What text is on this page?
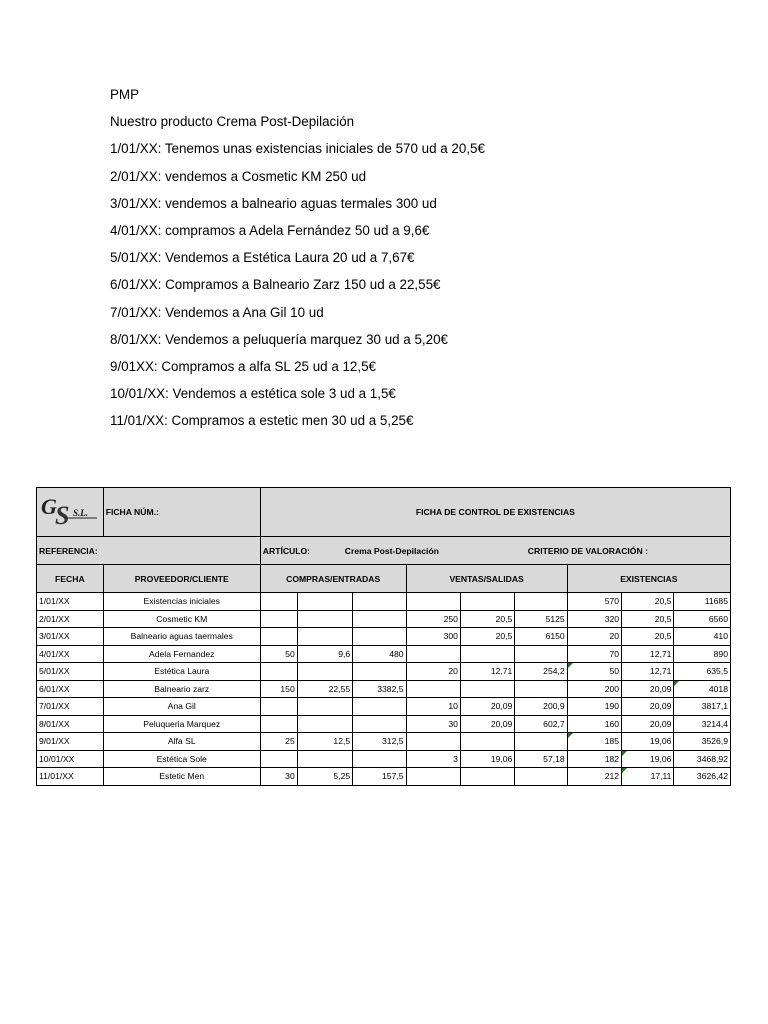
PMP
Nuestro producto Crema Post-Depilación
1/01/XX: Tenemos unas existencias iniciales de 570 ud a 20,5€
2/01/XX: vendemos a Cosmetic KM 250 ud
3/01/XX: vendemos a balneario aguas termales 300 ud
4/01/XX: compramos a Adela Fernández 50 ud a 9,6€
5/01/XX: Vendemos a Estética Laura 20 ud a 7,67€
6/01/XX: Compramos a Balneario Zarz 150 ud a 22,55€
7/01/XX: Vendemos a Ana Gil 10 ud
8/01/XX: Vendemos a peluquería marquez 30 ud a 5,20€
9/01XX: Compramos a alfa SL 25 ud a 12,5€
10/01/XX: Vendemos a estética sole 3 ud a 1,5€
11/01/XX: Compramos a estetic men 30 ud a 5,25€
G
S S.L.	FICHA NÚM.:	FICHA DE CONTROL DE EXISTENCIAS								
REFERENCIA:		ARTÍCULO: Crema Post-Depilación CRITERIO DE VALORACIÓN :								

FECHA	PROVEEDOR/CLIENTE	COMPRAS/ENTRADAS			VENTAS/SALIDAS			EXISTENCIAS		
1/01/XX	Existencias iniciales							570	20,5	11685
2/01/XX	Cosmetic KM				250	20,5	5125	320	20,5	6560
3/01/XX	Balneario aguas taermales				300	20,5	6150	20	20,5	410
4/01/XX	Adela Fernandez	50	9,6	480				70	12,71	890
5/01/XX	Estética Laura				20	12,71	254,2	50	12,71	635,5
6/01/XX	Balneario zarz	150	22,55	3382,5				200	20,09	4018
7/01/XX	Ana Gil				10	20,09	200,9	190	20,09	3817,1
8/01/XX	Peluqueria Marquez				30	20,09	602,7	160	20,09	3214,4
9/01/XX	Alfa SL	25	12,5	312,5				185	19,06	3526,9
10/01/XX	Estética Sole				3	19,06	57,18	182	19,06	3468,92
11/01/XX	Estetic Men	30	5,25	157,5				212	17,11	3626,42
